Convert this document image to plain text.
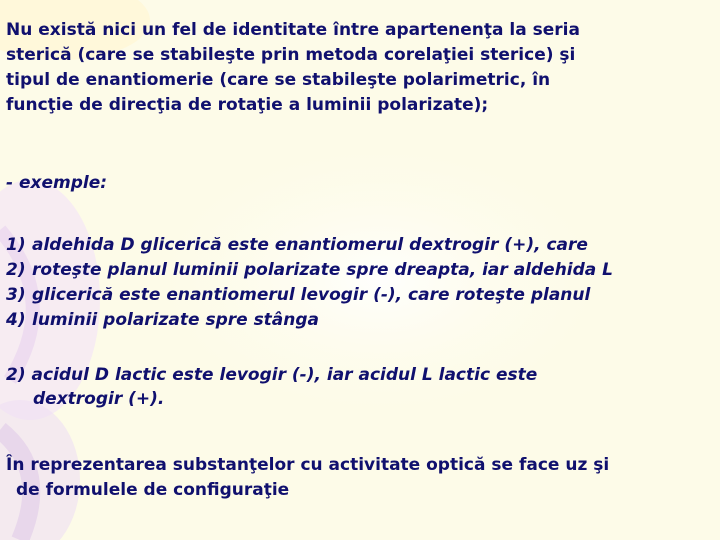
Nu există nici un fel de identitate între apartenenţa la seria
sterică (care se stabileşte prin metoda corelaţiei sterice) şi
tipul de enantiomerie (care se stabileşte polarimetric, în
funcţie de direcţia de rotaţie a luminii polarizate);
- exemple:
1) aldehida D glicerică este enantiomerul dextrogir (+), care
2) roteşte planul luminii polarizate spre dreapta, iar aldehida L
3) glicerică este enantiomerul levogir (-), care roteşte planul
4) luminii polarizate spre stânga
2) acidul D lactic este levogir (-), iar acidul L lactic este
dextrogir (+).
În reprezentarea substanţelor cu activitate optică se face uz şi
de formulele de configuraţie
